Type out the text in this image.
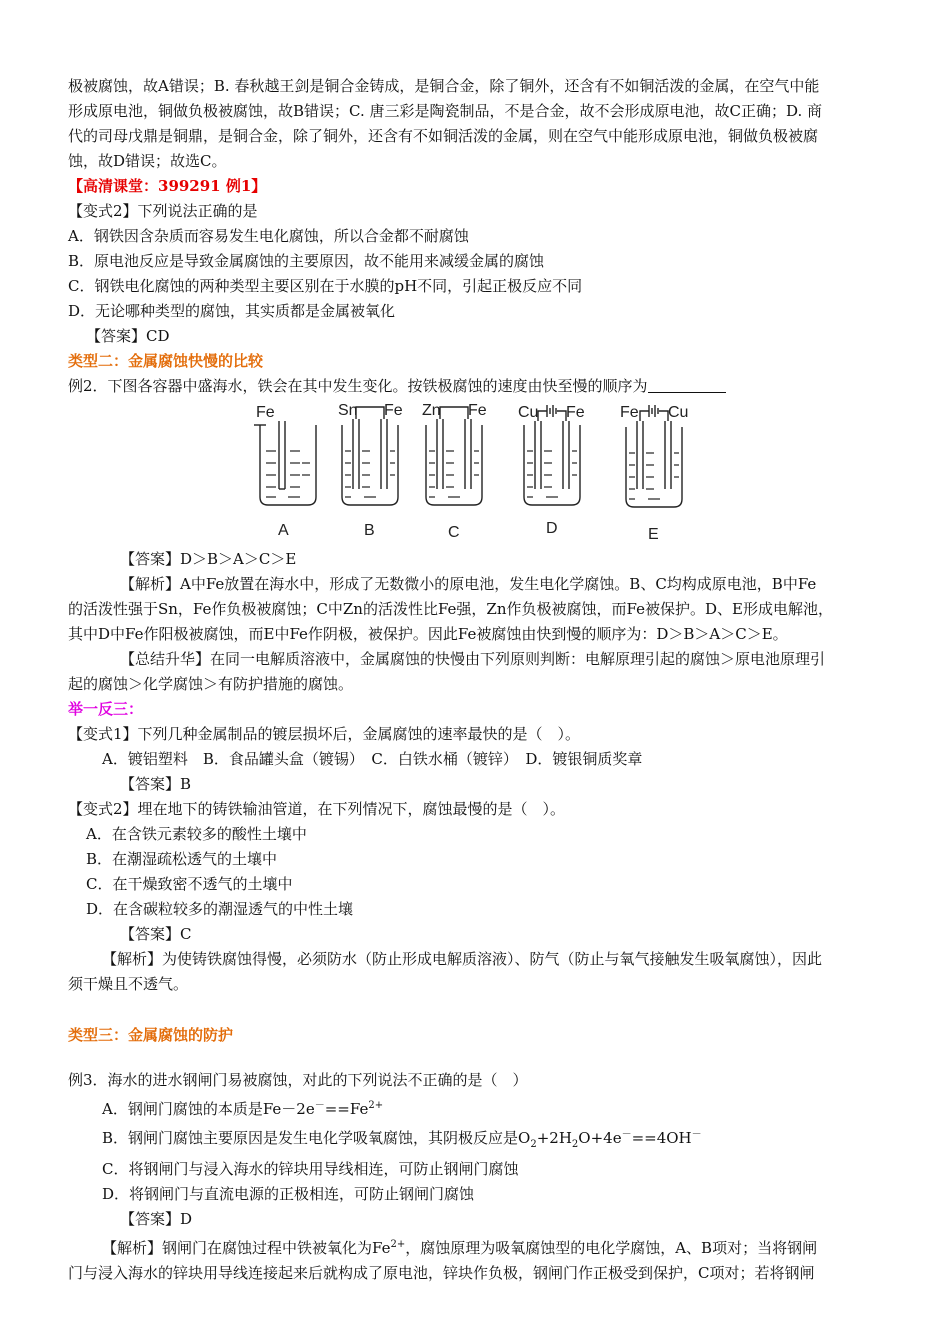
极被腐蚀，故A错误；B. 春秋越王剑是铜合金铸成，是铜合金，除了铜外，还含有不如铜活泼的金属，在空气中能

形成原电池，铜做负极被腐蚀，故B错误；C. 唐三彩是陶瓷制品，不是合金，故不会形成原电池，故C正确；D. 商

代的司母戊鼎是铜鼎，是铜合金，除了铜外，还含有不如铜活泼的金属，则在空气中能形成原电池，铜做负极被腐

蚀，故D错误；故选C。

【高清课堂：399291 例1】

【变式2】下列说法正确的是

A．钢铁因含杂质而容易发生电化腐蚀，所以合金都不耐腐蚀

B．原电池反应是导致金属腐蚀的主要原因，故不能用来减缓金属的腐蚀

C．钢铁电化腐蚀的两种类型主要区别在于水膜的pH不同，引起正极反应不同

D．无论哪种类型的腐蚀，其实质都是金属被氧化

【答案】CD

类型二：金属腐蚀快慢的比较

例2．下图各容器中盛海水，铁会在其中发生变化。按铁极腐蚀的速度由快至慢的顺序为

Fe
A
Sn Fe
B
Zn Fe
C
Cu Fe
D
Fe Cu
E

【答案】D＞B＞A＞C＞E

【解析】A中Fe放置在海水中，形成了无数微小的原电池，发生电化学腐蚀。B、C均构成原电池，B中Fe

的活泼性强于Sn，Fe作负极被腐蚀；C中Zn的活泼性比Fe强，Zn作负极被腐蚀，而Fe被保护。D、E形成电解池，

其中D中Fe作阳极被腐蚀，而E中Fe作阴极，被保护。因此Fe被腐蚀由快到慢的顺序为：D＞B＞A＞C＞E。

【总结升华】在同一电解质溶液中，金属腐蚀的快慢由下列原则判断：电解原理引起的腐蚀＞原电池原理引

起的腐蚀＞化学腐蚀＞有防护措施的腐蚀。

举一反三：

【变式1】下列几种金属制品的镀层损坏后，金属腐蚀的速率最快的是（　）。

A．镀铝塑料　B．食品罐头盒（镀锡）　C．白铁水桶（镀锌）　D．镀银铜质奖章

【答案】B

【变式2】埋在地下的铸铁输油管道，在下列情况下，腐蚀最慢的是（　）。

A．在含铁元素较多的酸性土壤中

B．在潮湿疏松透气的土壤中

C．在干燥致密不透气的土壤中

D．在含碳粒较多的潮湿透气的中性土壤

【答案】C

【解析】为使铸铁腐蚀得慢，必须防水（防止形成电解质溶液）、防气（防止与氧气接触发生吸氧腐蚀），因此

须干燥且不透气。

类型三：金属腐蚀的防护

例3．海水的进水钢闸门易被腐蚀，对此的下列说法不正确的是（　）

A．钢闸门腐蚀的本质是$Fe-2e^-==Fe^{2+}$

B．钢闸门腐蚀主要原因是发生电化学吸氧腐蚀，其阴极反应是$O_2+2H_2O+4e^-==4OH^-$

C．将钢闸门与浸入海水的锌块用导线相连，可防止钢闸门腐蚀

D．将钢闸门与直流电源的正极相连，可防止钢闸门腐蚀

【答案】D

【解析】钢闸门在腐蚀过程中铁被氧化为$Fe^{2+}$，腐蚀原理为吸氧腐蚀型的电化学腐蚀，A、B项对；当将钢闸

门与浸入海水的锌块用导线连接起来后就构成了原电池，锌块作负极，钢闸门作正极受到保护，C项对；若将钢闸
